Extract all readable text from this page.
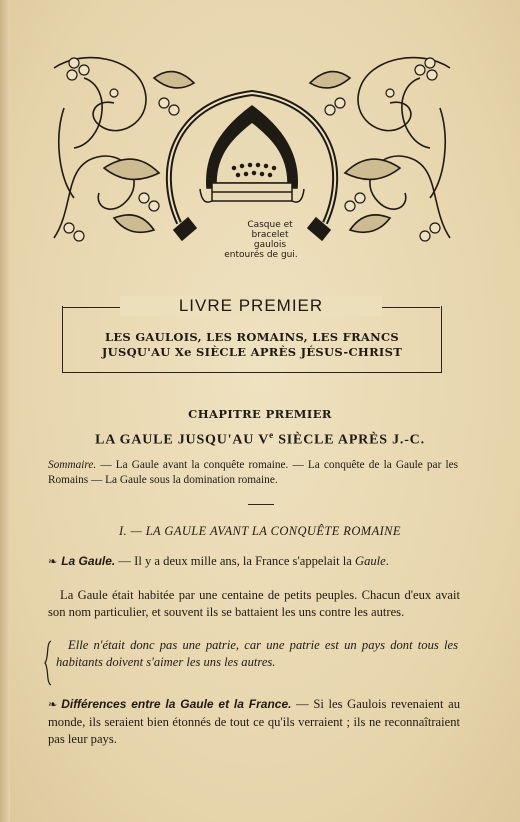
Casque et
bracelet
gaulois
entourés de gui.
LIVRE PREMIER
LES GAULOIS, LES ROMAINS, LES FRANCS
JUSQU'AU Xe SIÈCLE APRÈS JÉSUS-CHRIST
CHAPITRE PREMIER
LA GAULE JUSQU'AU Ve SIÈCLE APRÈS J.-C.
Sommaire. — La Gaule avant la conquête romaine. — La conquête de la Gaule par les Romains — La Gaule sous la domination romaine.
I. — LA GAULE AVANT LA CONQUÊTE ROMAINE
❧ La Gaule. — Il y a deux mille ans, la France s'appelait la Gaule.
La Gaule était habitée par une centaine de petits peuples. Chacun d'eux avait son nom particulier, et souvent ils se battaient les uns contre les autres.
Elle n'était donc pas une patrie, car une patrie est un pays dont tous les habitants doivent s'aimer les uns les autres.
❧ Différences entre la Gaule et la France. — Si les Gaulois revenaient au monde, ils seraient bien étonnés de tout ce qu'ils verraient ; ils ne reconnaîtraient pas leur pays.
